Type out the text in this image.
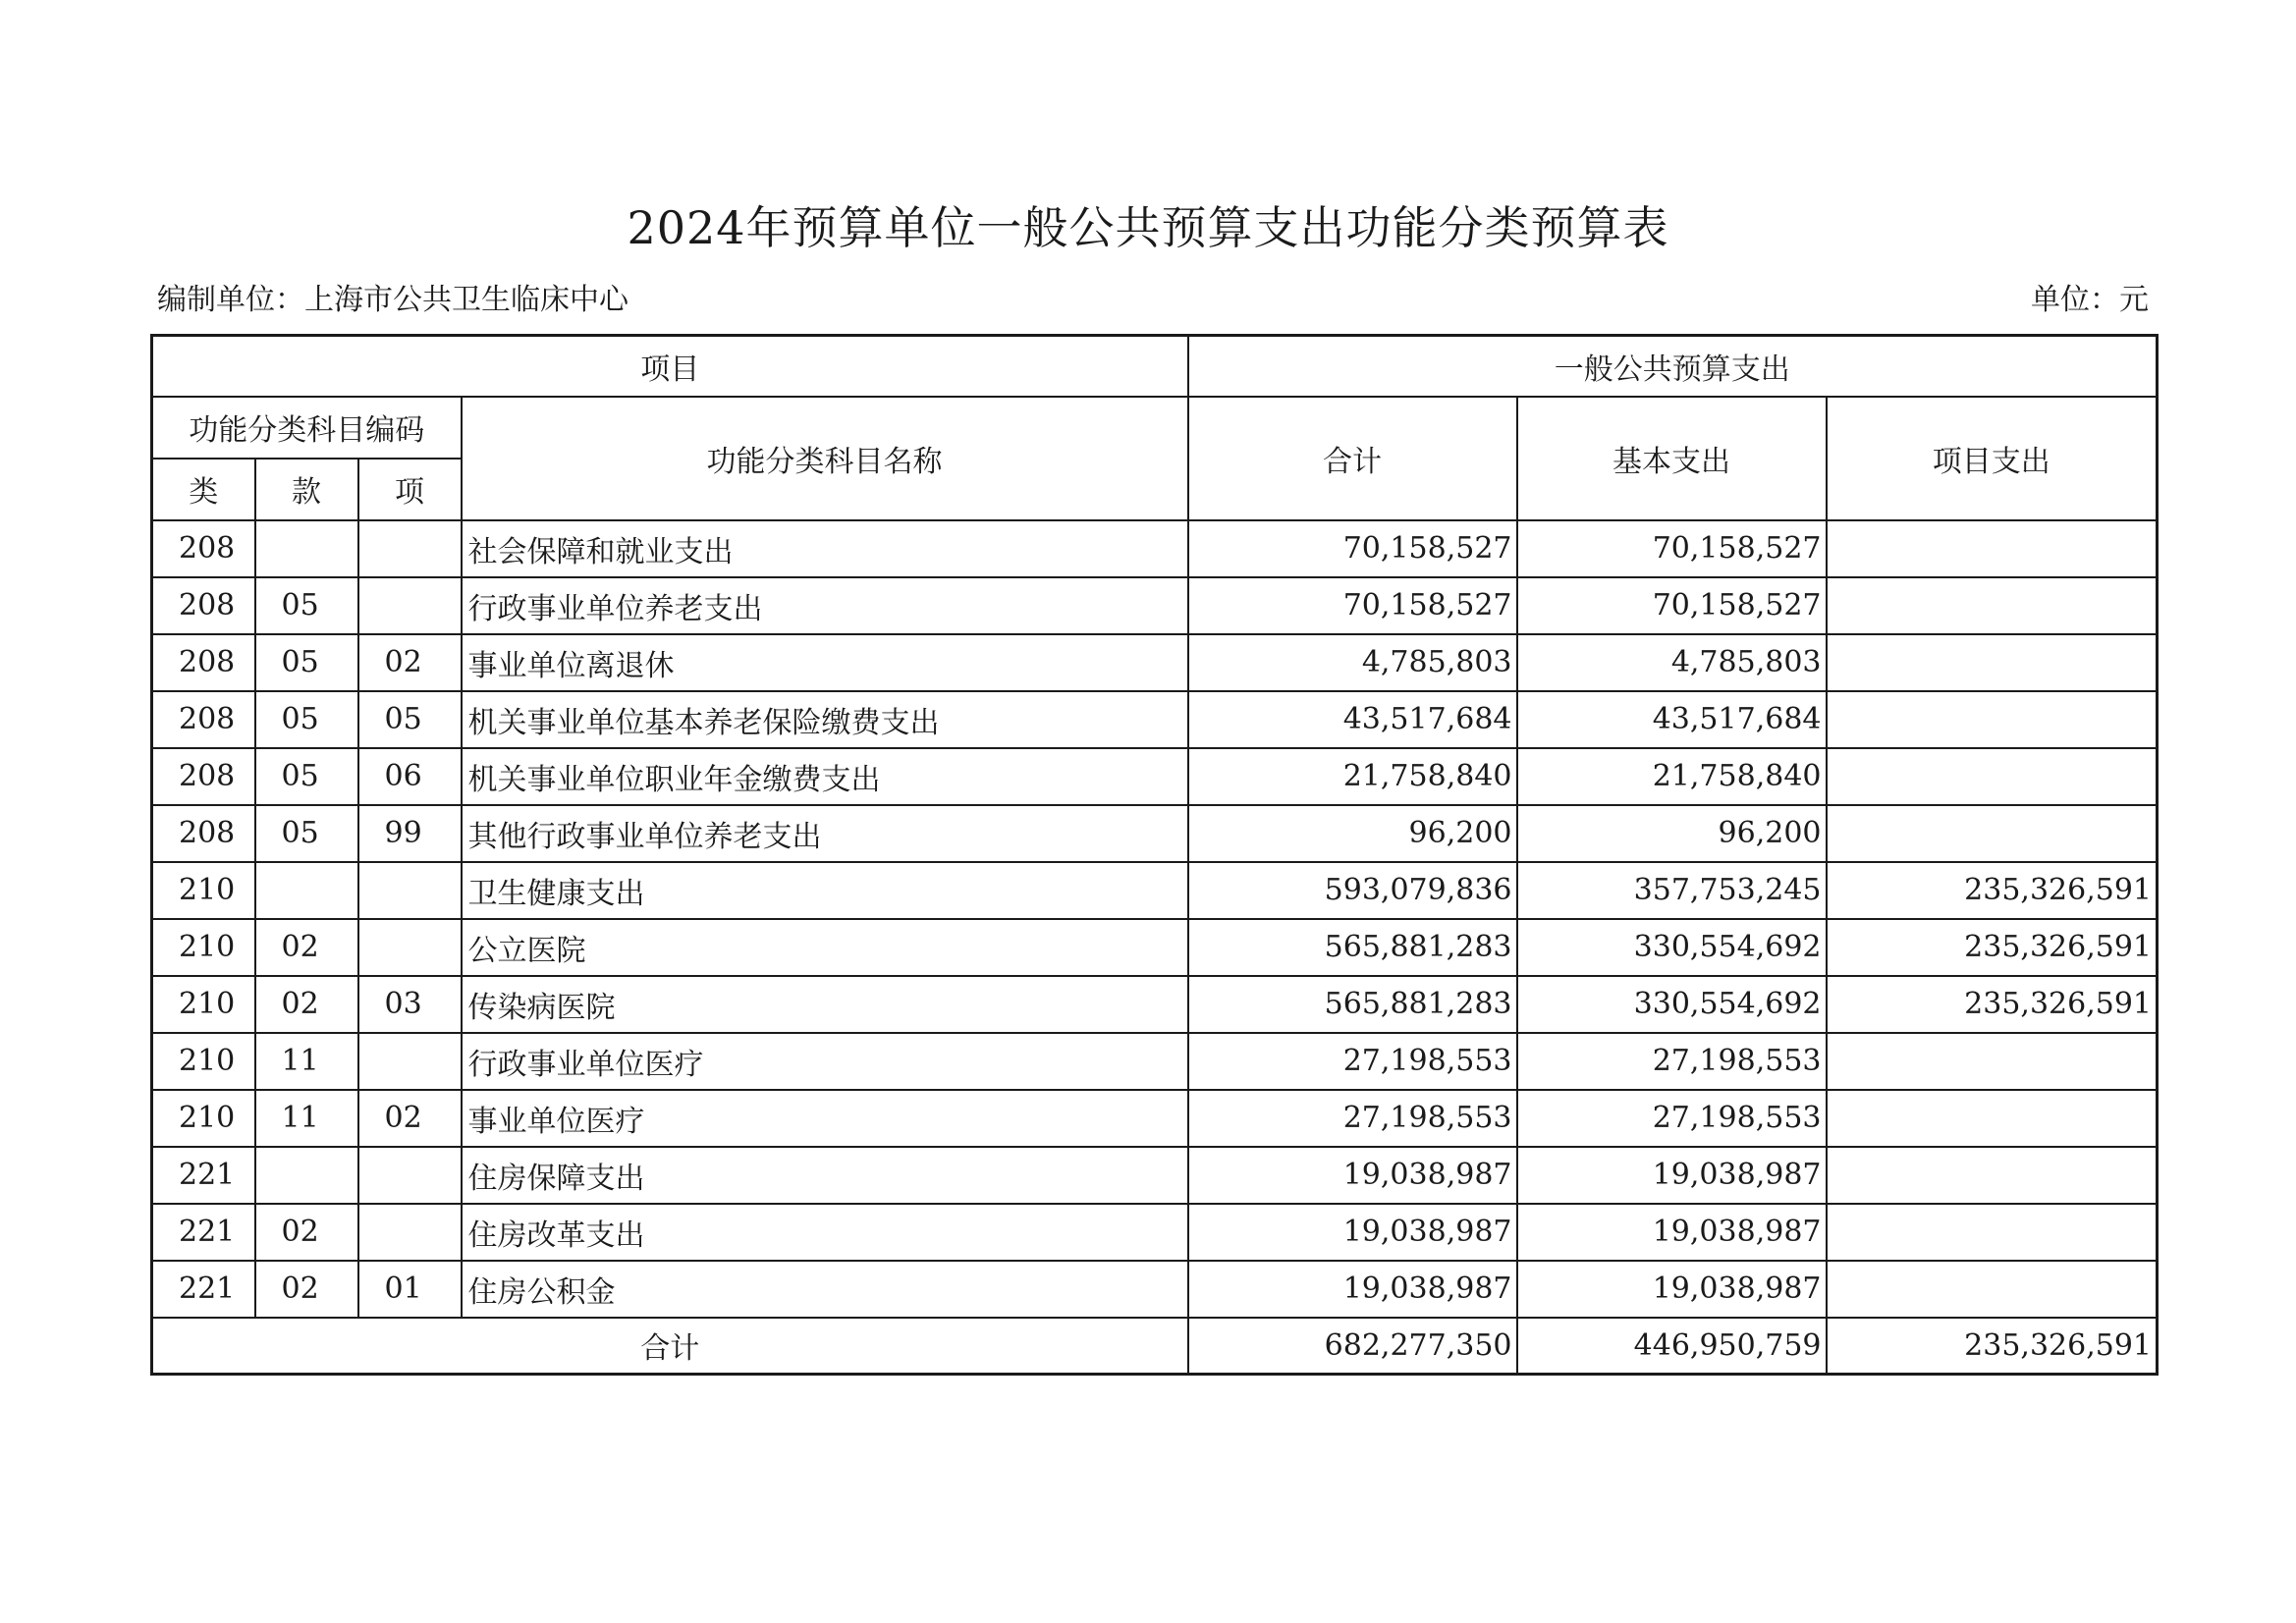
2024年预算单位一般公共预算支出功能分类预算表
编制单位：上海市公共卫生临床中心	单位：元
项目				一般公共预算支出		
功能分类科目编码			功能分类科目名称	合计	基本支出	项目支出
类	款	项				
208			社会保障和就业支出	70,158,527	70,158,527	
208	05		行政事业单位养老支出	70,158,527	70,158,527	
208	05	02	事业单位离退休	4,785,803	4,785,803	
208	05	05	机关事业单位基本养老保险缴费支出	43,517,684	43,517,684	
208	05	06	机关事业单位职业年金缴费支出	21,758,840	21,758,840	
208	05	99	其他行政事业单位养老支出	96,200	96,200	
210			卫生健康支出	593,079,836	357,753,245	235,326,591
210	02		公立医院	565,881,283	330,554,692	235,326,591
210	02	03	传染病医院	565,881,283	330,554,692	235,326,591
210	11		行政事业单位医疗	27,198,553	27,198,553	
210	11	02	事业单位医疗	27,198,553	27,198,553	
221			住房保障支出	19,038,987	19,038,987	
221	02		住房改革支出	19,038,987	19,038,987	
221	02	01	住房公积金	19,038,987	19,038,987	
合计				682,277,350	446,950,759	235,326,591
